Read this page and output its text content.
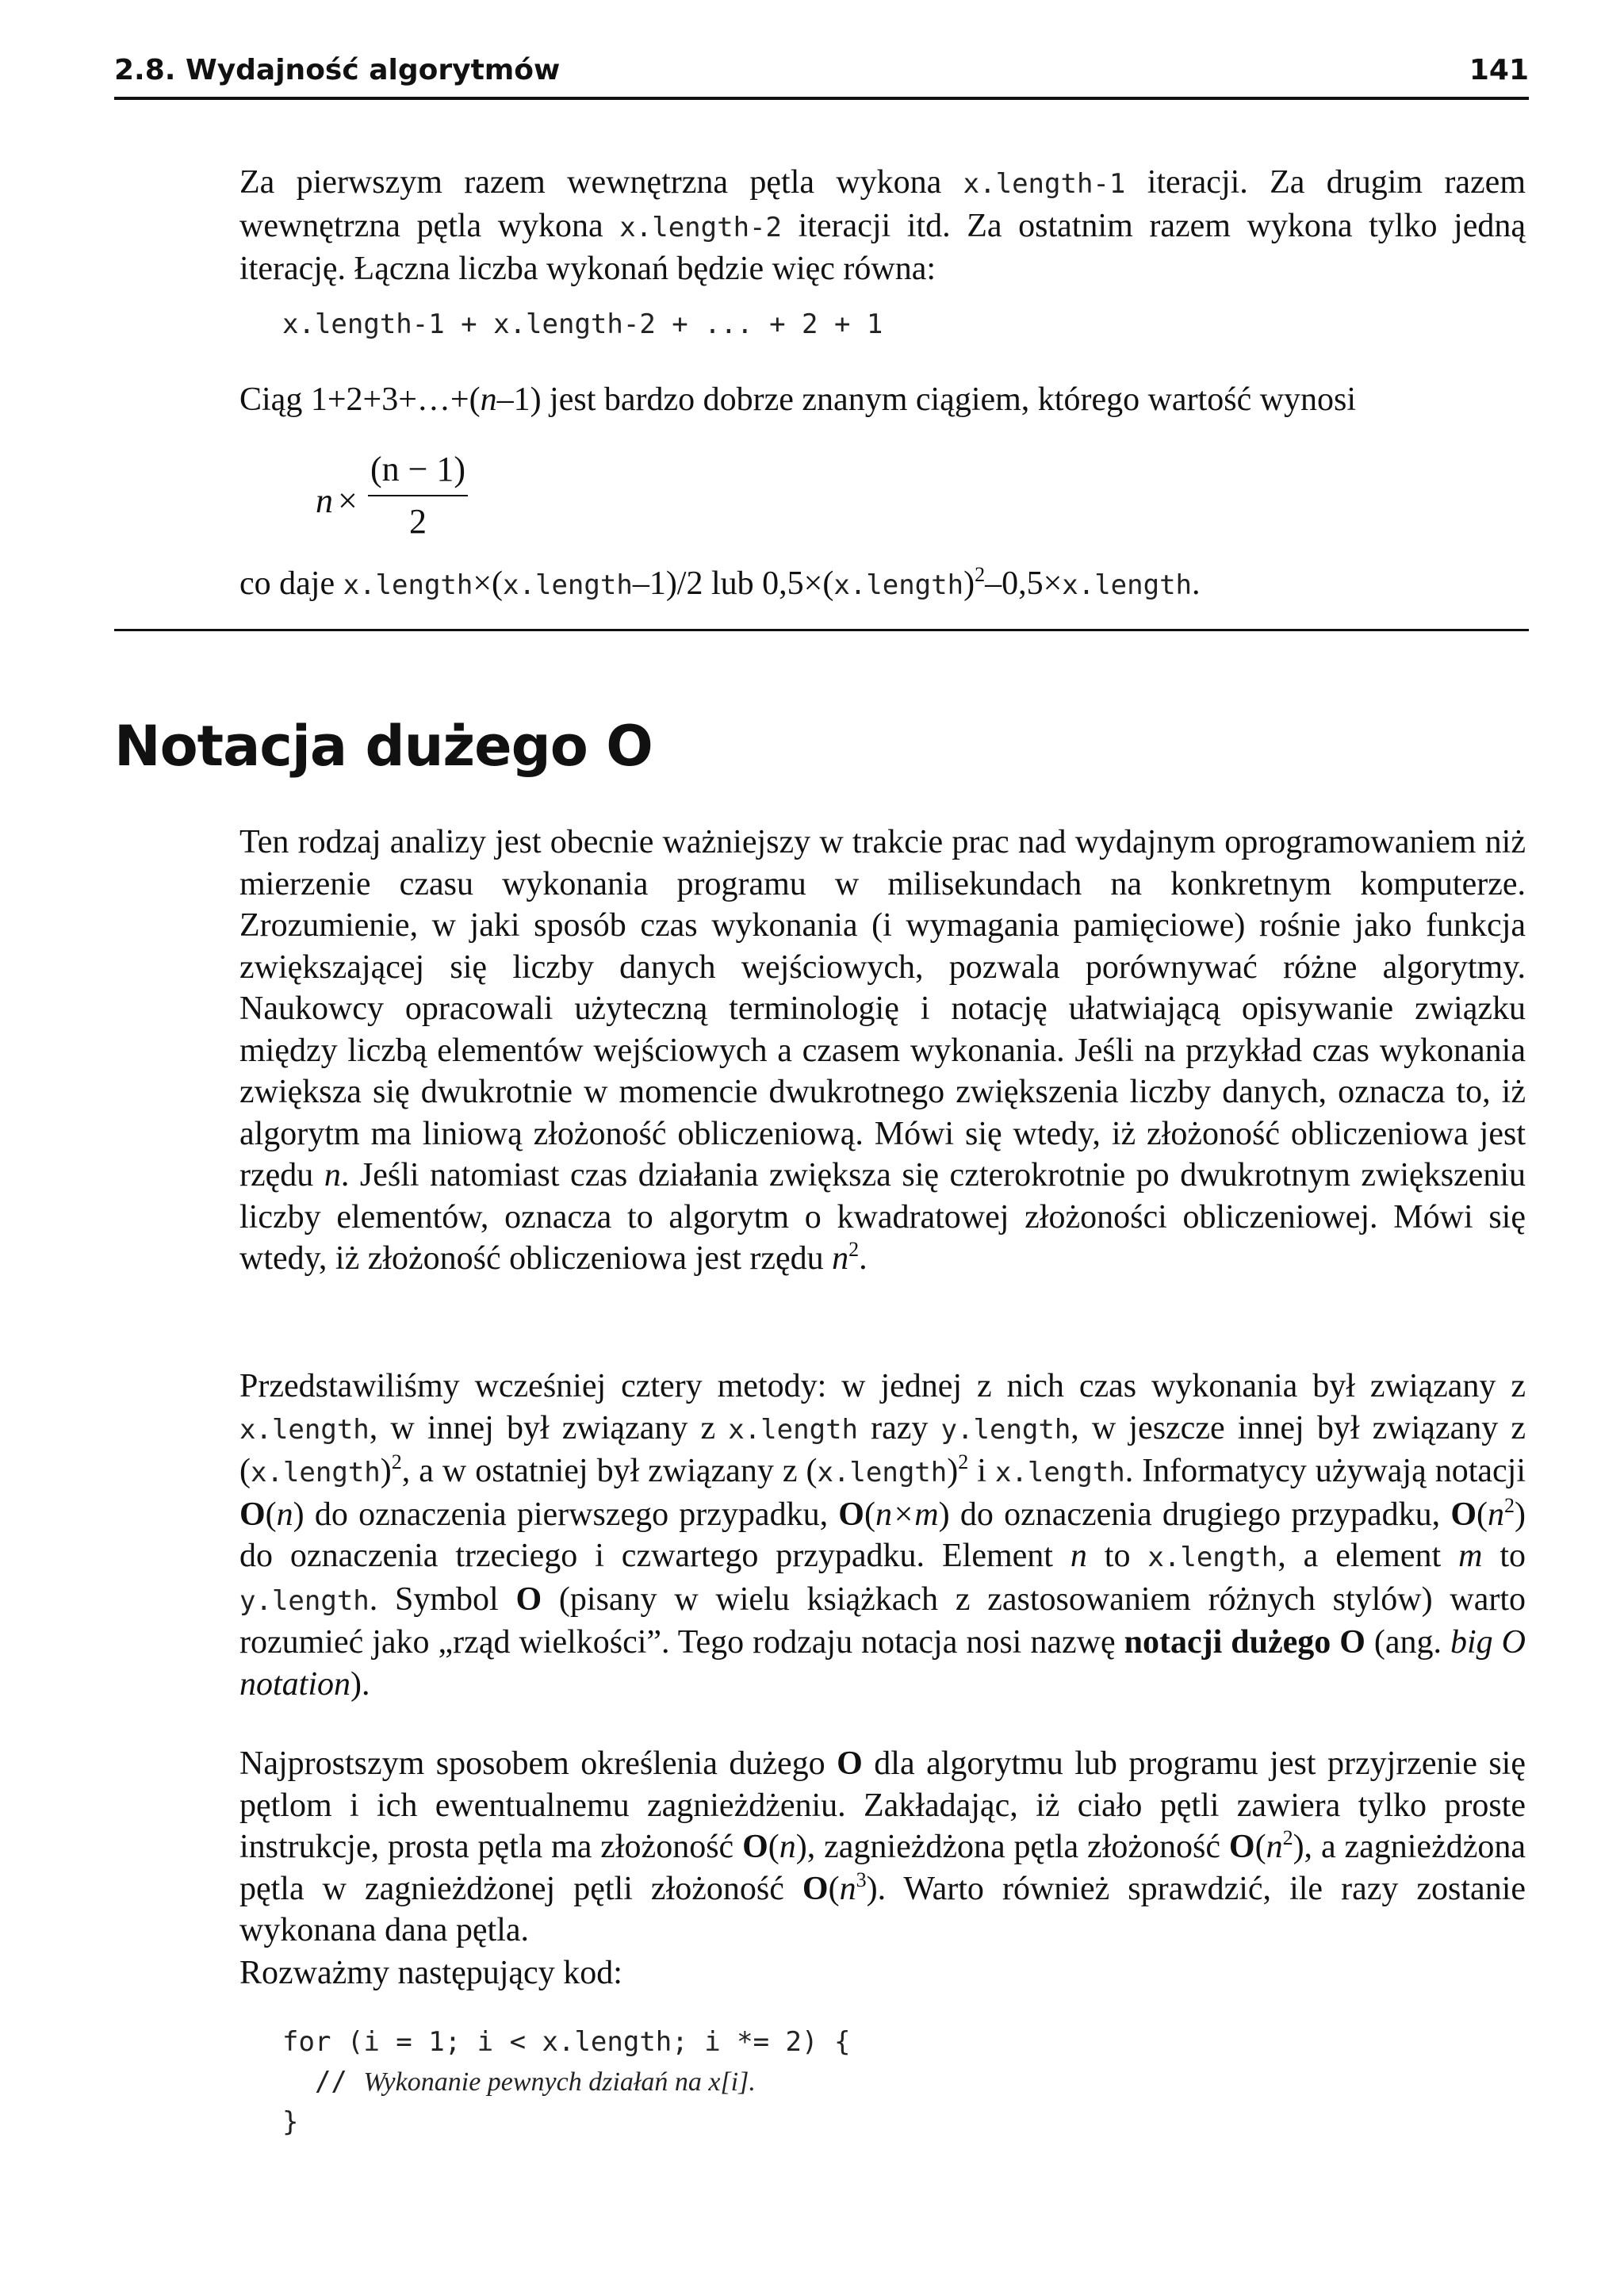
2.8. Wydajność algorytmów	141

Za pierwszym razem wewnętrzna pętla wykona x.length-1 iteracji. Za drugim razem wewnętrzna pętla wykona x.length-2 iteracji itd. Za ostatnim razem wykona tylko jedną iterację. Łączna liczba wykonań będzie więc równa:

x.length-1 + x.length-2 + ... + 2 + 1

Ciąg 1+2+3+…+(n–1) jest bardzo dobrze znanym ciągiem, którego wartość wynosi

n ×
(n − 1)
2

co daje x.length×(x.length–1)/2 lub 0,5×(x.length)$^2$–0,5×x.length.

Notacja dużego O

Ten rodzaj analizy jest obecnie ważniejszy w trakcie prac nad wydajnym oprogramowaniem niż mierzenie czasu wykonania programu w milisekundach na konkretnym komputerze. Zrozumienie, w jaki sposób czas wykonania (i wymagania pamięciowe) rośnie jako funkcja zwiększającej się liczby danych wejściowych, pozwala porównywać różne algorytmy. Naukowcy opracowali użyteczną terminologię i notację ułatwiającą opisywanie związku między liczbą elementów wejściowych a czasem wykonania. Jeśli na przykład czas wykonania zwiększa się dwukrotnie w momencie dwukrotnego zwiększenia liczby danych, oznacza to, iż algorytm ma liniową złożoność obliczeniową. Mówi się wtedy, iż złożoność obliczeniowa jest rzędu n. Jeśli natomiast czas działania zwiększa się czterokrotnie po dwukrotnym zwiększeniu liczby elementów, oznacza to algorytm o kwadratowej złożoności obliczeniowej. Mówi się wtedy, iż złożoność obliczeniowa jest rzędu $n^2$.

Przedstawiliśmy wcześniej cztery metody: w jednej z nich czas wykonania był związany z x.length, w innej był związany z x.length razy y.length, w jeszcze innej był związany z (x.length)$^2$, a w ostatniej był związany z (x.length)$^2$ i x.length. Informatycy używają notacji O(n) do oznaczenia pierwszego przypadku, O(n×m) do oznaczenia drugiego przypadku, $O(n^2)$ do oznaczenia trzeciego i czwartego przypadku. Element n to x.length, a element m to y.length. Symbol O (pisany w wielu książkach z zastosowaniem różnych stylów) warto rozumieć jako „rząd wielkości”. Tego rodzaju notacja nosi nazwę notacji dużego O (ang. big O notation).

Najprostszym sposobem określenia dużego O dla algorytmu lub programu jest przyjrzenie się pętlom i ich ewentualnemu zagnieżdżeniu. Zakładając, iż ciało pętli zawiera tylko proste instrukcje, prosta pętla ma złożoność O(n), zagnieżdżona pętla złożoność $O(n^2)$, a zagnieżdżona pętla w zagnieżdżonej pętli złożoność $O(n^3)$. Warto również sprawdzić, ile razy zostanie wykonana dana pętla.

Rozważmy następujący kod:
for (i = 1; i < x.length; i *= 2) {
// Wykonanie pewnych działań na x[i].
}
